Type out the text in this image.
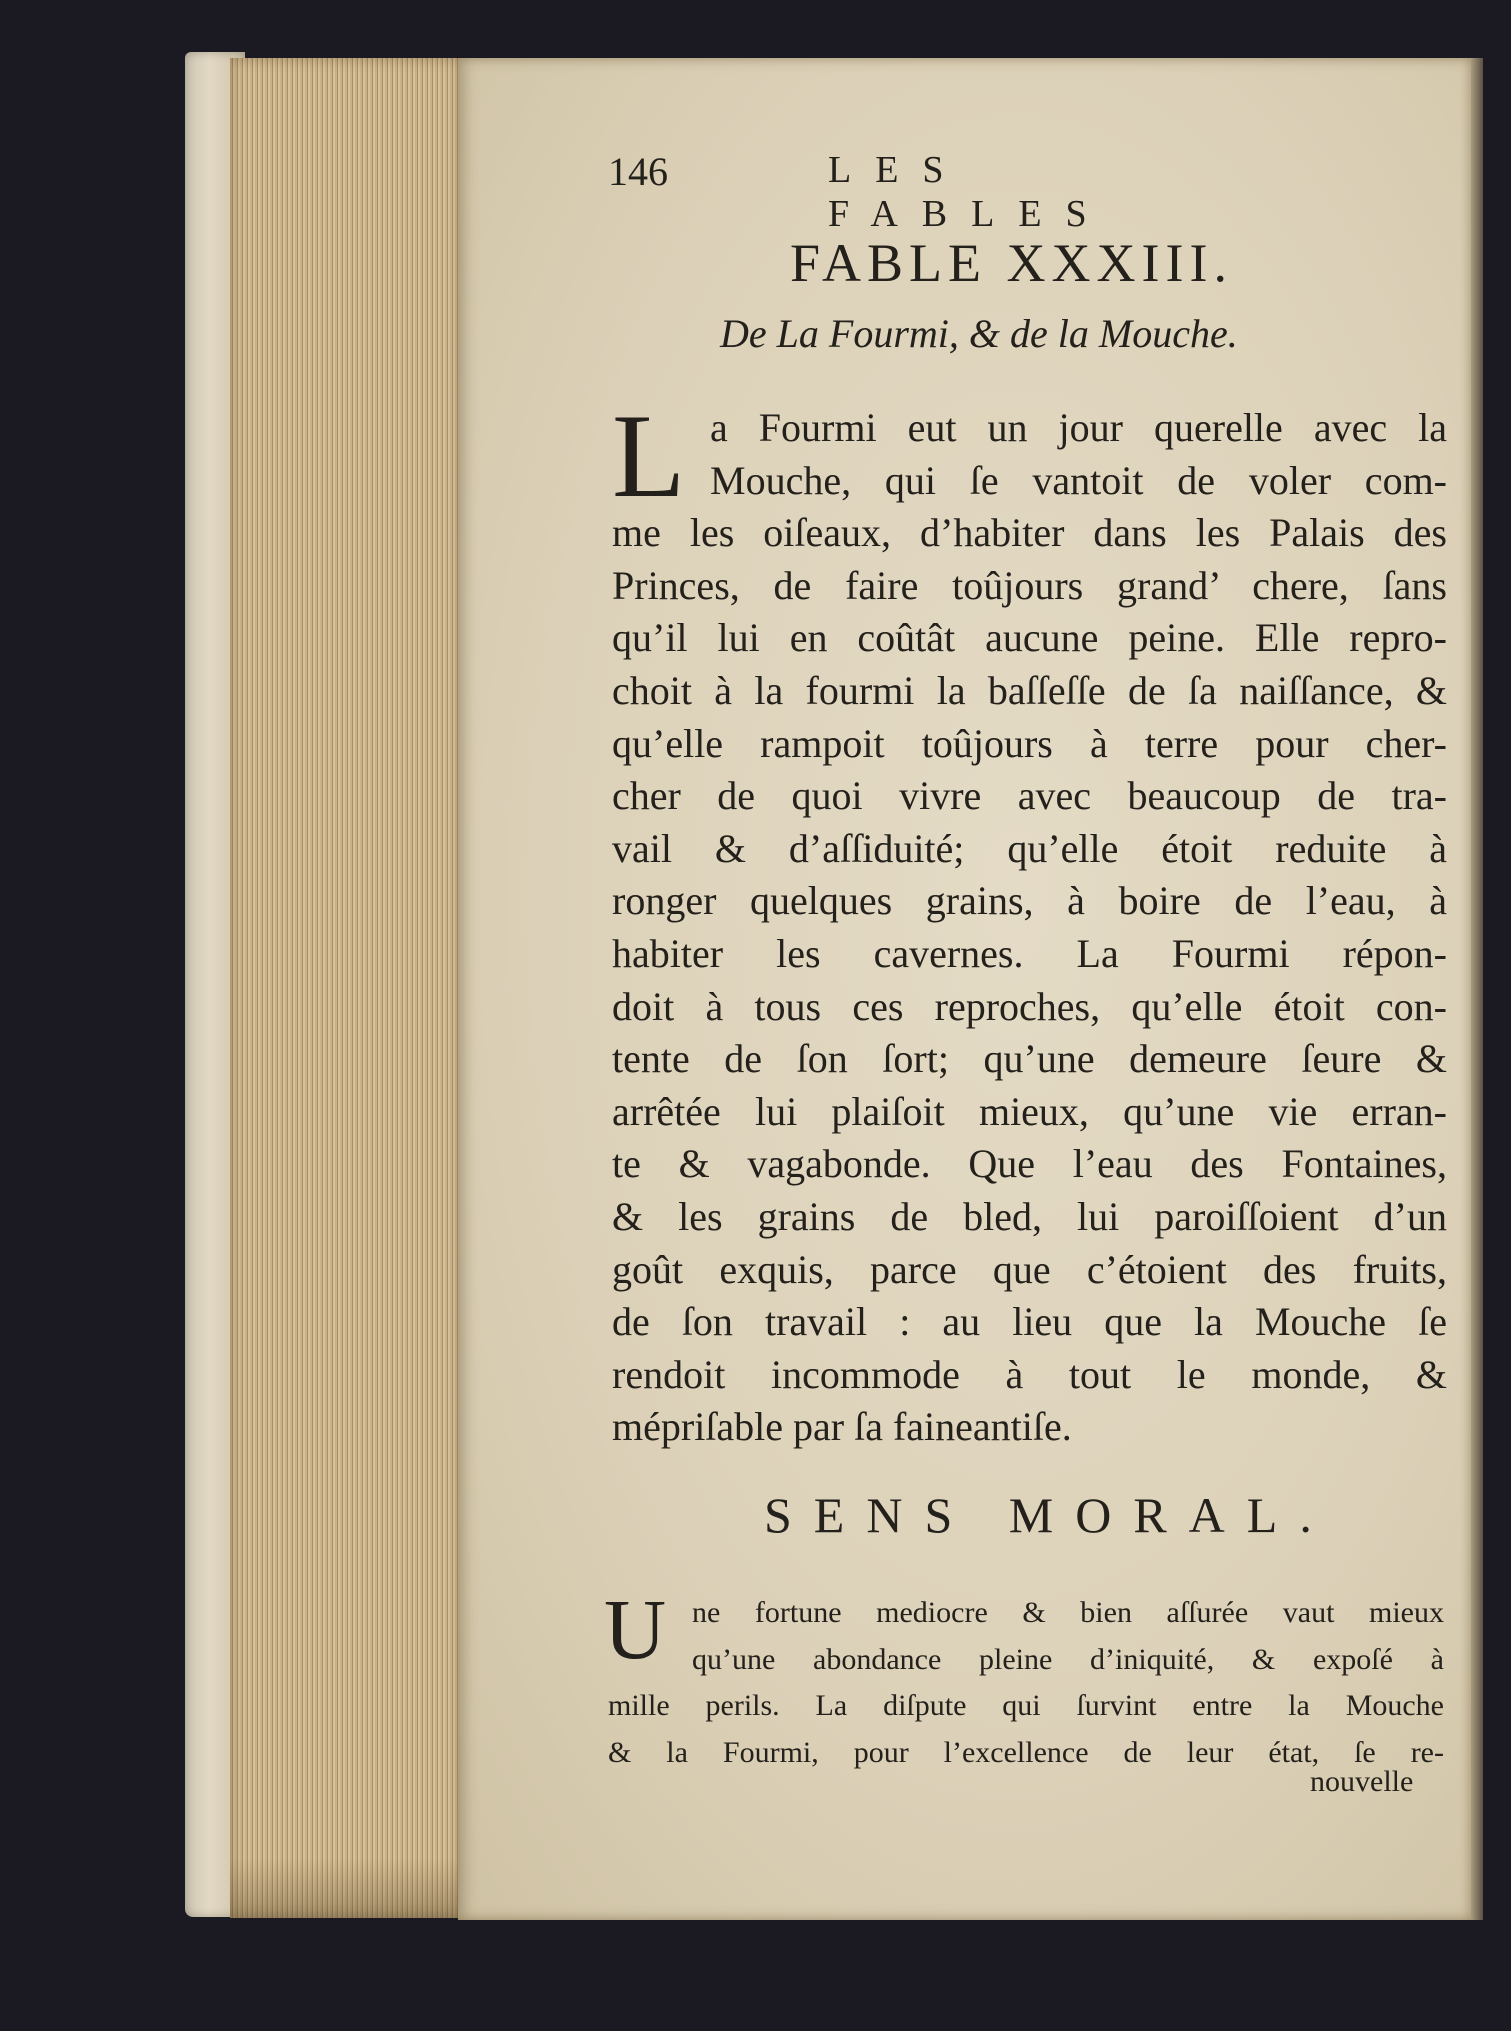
146	LES FABLES
FABLE XXXIII.
De La Fourmi, & de la Mouche.
L a Fourmi eut un jour querelle avec la
Mouche, qui ſe vantoit de voler com-
me les oiſeaux, d’habiter dans les Palais des
Princes, de faire toûjours grand’ chere, ſans
qu’il lui en coûtât aucune peine. Elle repro-
choit à la fourmi la baſſeſſe de ſa naiſſance, &
qu’elle rampoit toûjours à terre pour cher-
cher de quoi vivre avec beaucoup de tra-
vail & d’aſſiduité; qu’elle étoit reduite à
ronger quelques grains, à boire de l’eau, à
habiter les cavernes. La Fourmi répon-
doit à tous ces reproches, qu’elle étoit con-
tente de ſon ſort; qu’une demeure ſeure &
arrêtée lui plaiſoit mieux, qu’une vie erran-
te & vagabonde. Que l’eau des Fontaines,
& les grains de bled, lui paroiſſoient d’un
goût exquis, parce que c’étoient des fruits,
de ſon travail : au lieu que la Mouche ſe
rendoit incommode à tout le monde, &
mépriſable par ſa faineantiſe.
SENS MORAL.
U ne fortune mediocre & bien aſſurée vaut mieux
qu’une abondance pleine d’iniquité, & expoſé à
mille perils. La diſpute qui ſurvint entre la Mouche
& la Fourmi, pour l’excellence de leur état, ſe re-
nouvelle
